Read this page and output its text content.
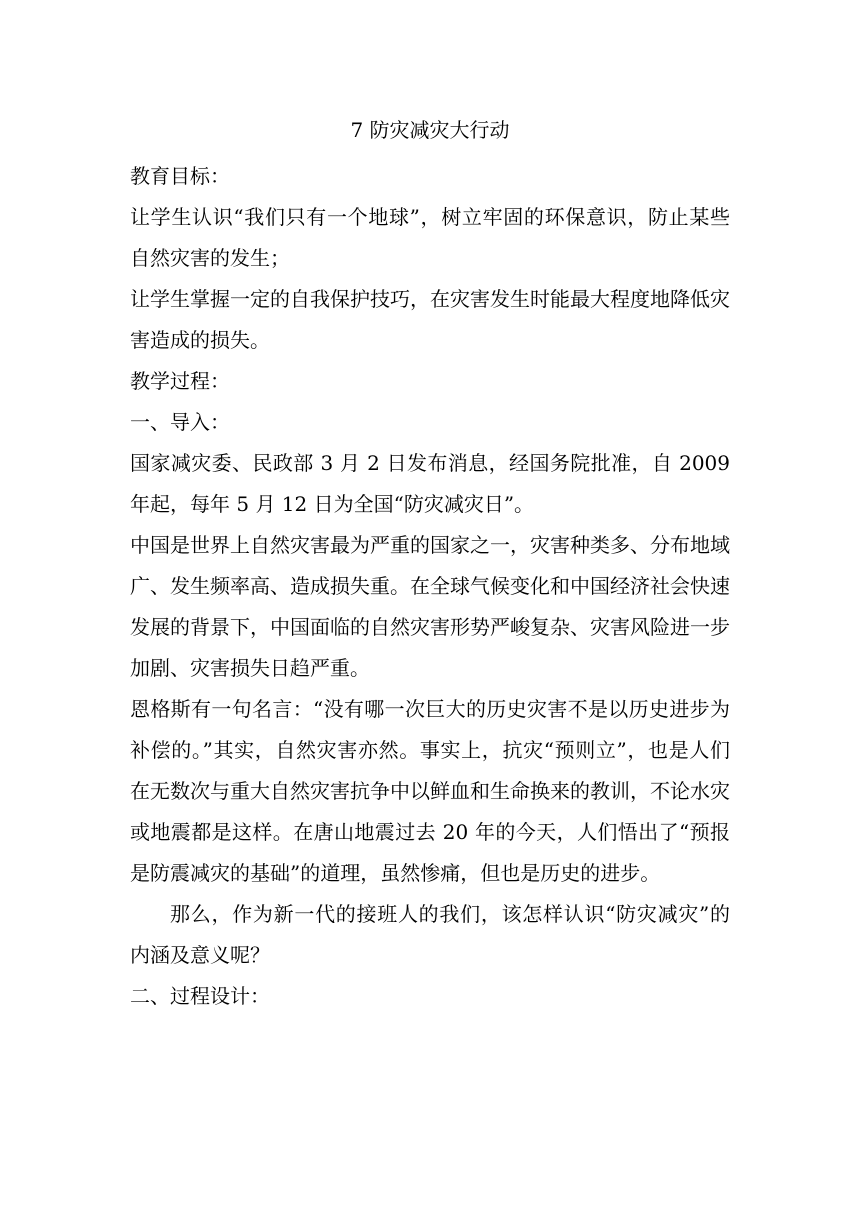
7 防灾减灾大行动

教育目标：

让学生认识“我们只有一个地球”，树立牢固的环保意识，防止某些自然灾害的发生；

让学生掌握一定的自我保护技巧，在灾害发生时能最大程度地降低灾害造成的损失。

教学过程：

一、导入：

国家减灾委、民政部 3 月 2 日发布消息，经国务院批准，自 2009 年起，每年 5 月 12 日为全国“防灾减灾日”。

中国是世界上自然灾害最为严重的国家之一，灾害种类多、分布地域广、发生频率高、造成损失重。在全球气候变化和中国经济社会快速发展的背景下，中国面临的自然灾害形势严峻复杂、灾害风险进一步加剧、灾害损失日趋严重。

恩格斯有一句名言：“没有哪一次巨大的历史灾害不是以历史进步为补偿的。”其实，自然灾害亦然。事实上，抗灾“预则立”，也是人们在无数次与重大自然灾害抗争中以鲜血和生命换来的教训，不论水灾或地震都是这样。在唐山地震过去 20 年的今天，人们悟出了“预报是防震减灾的基础”的道理，虽然惨痛，但也是历史的进步。

那么，作为新一代的接班人的我们，该怎样认识“防灾减灾”的内涵及意义呢？

二、过程设计：
